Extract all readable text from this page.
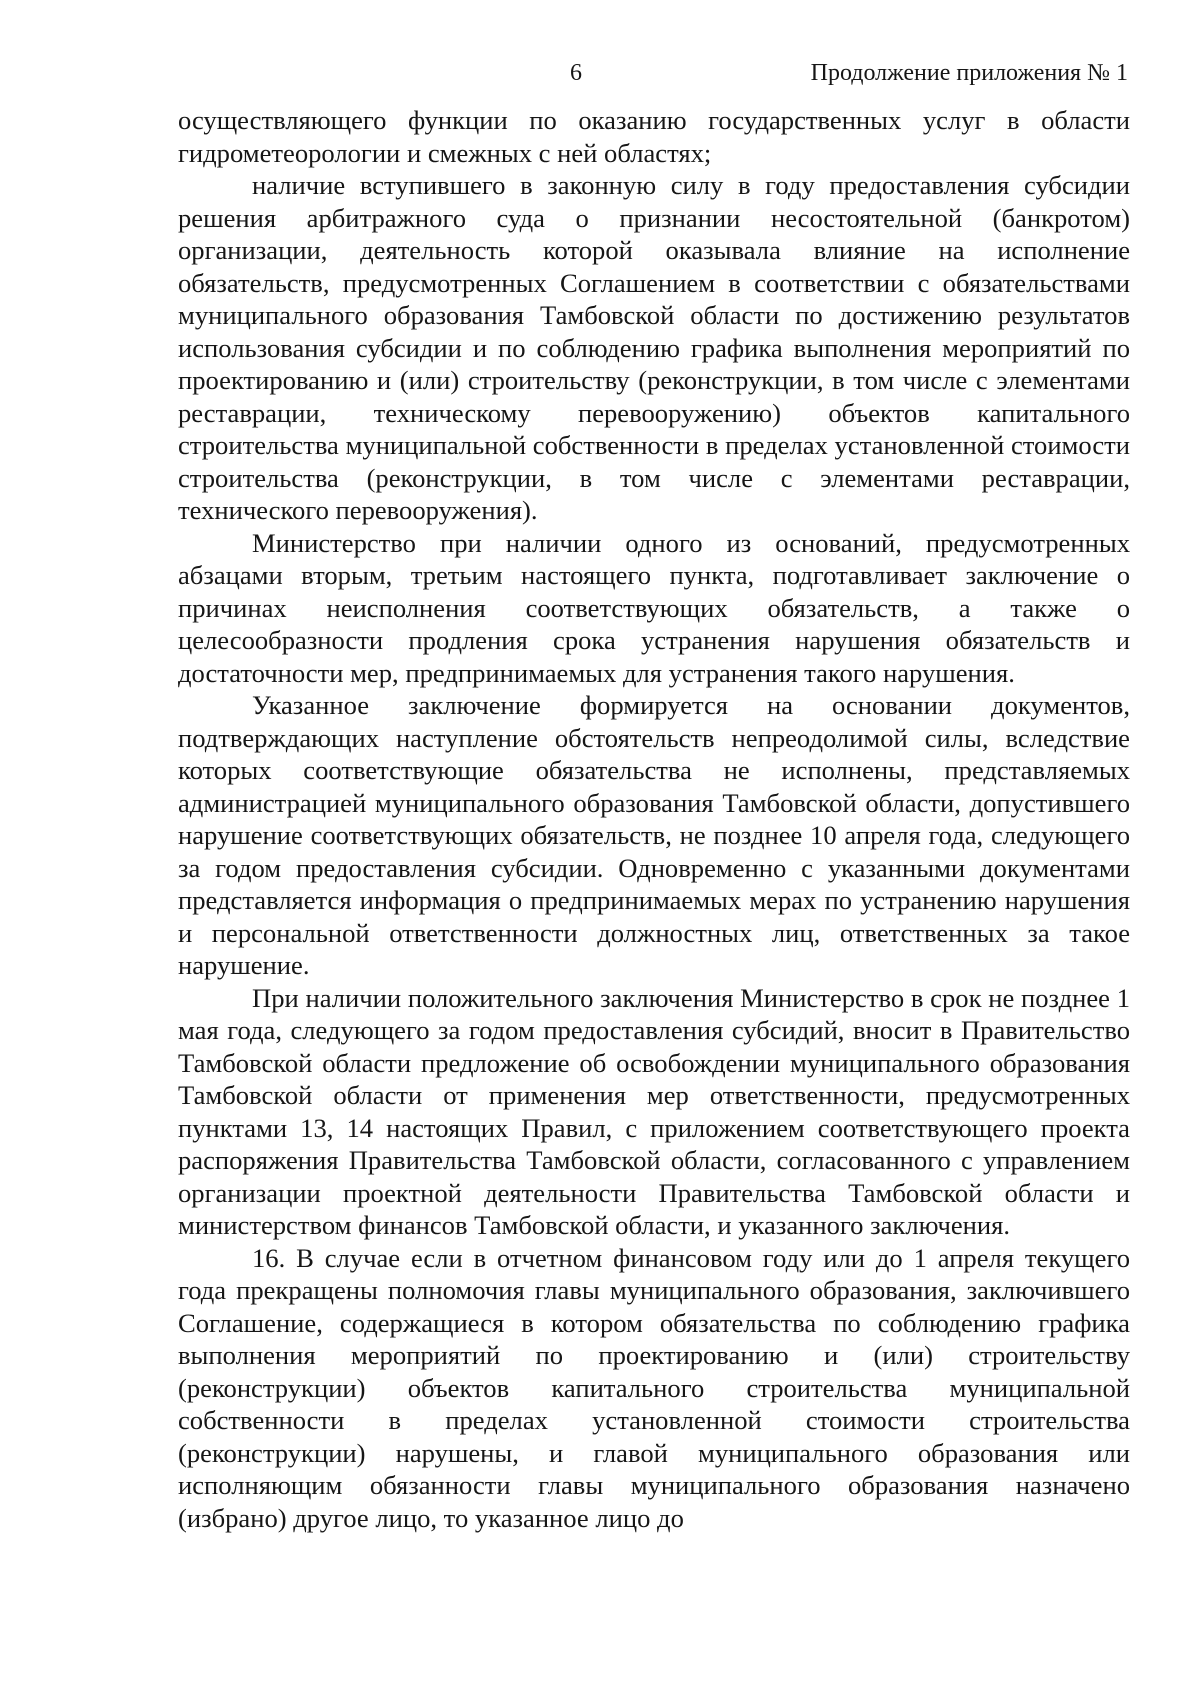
6	Продолжение приложения № 1

осуществляющего функции по оказанию государственных услуг в области гидрометеорологии и смежных с ней областях;

наличие вступившего в законную силу в году предоставления субсидии решения арбитражного суда о признании несостоятельной (банкротом) организации, деятельность которой оказывала влияние на исполнение обязательств, предусмотренных Соглашением в соответствии с обязательствами муниципального образования Тамбовской области по достижению результатов использования субсидии и по соблюдению графика выполнения мероприятий по проектированию и (или) строительству (реконструкции, в том числе с элементами реставрации, техническому перевооружению) объектов капитального строительства муниципальной собственности в пределах установленной стоимости строительства (реконструкции, в том числе с элементами реставрации, технического перевооружения).

Министерство при наличии одного из оснований, предусмотренных абзацами вторым, третьим настоящего пункта, подготавливает заключение о причинах неисполнения соответствующих обязательств, а также о целесообразности продления срока устранения нарушения обязательств и достаточности мер, предпринимаемых для устранения такого нарушения.

Указанное заключение формируется на основании документов, подтверждающих наступление обстоятельств непреодолимой силы, вследствие которых соответствующие обязательства не исполнены, представляемых администрацией муниципального образования Тамбовской области, допустившего нарушение соответствующих обязательств, не позднее 10 апреля года, следующего за годом предоставления субсидии. Одновременно с указанными документами представляется информация о предпринимаемых мерах по устранению нарушения и персональной ответственности должностных лиц, ответственных за такое нарушение.

При наличии положительного заключения Министерство в срок не позднее 1 мая года, следующего за годом предоставления субсидий, вносит в Правительство Тамбовской области предложение об освобождении муниципального образования Тамбовской области от применения мер ответственности, предусмотренных пунктами 13, 14 настоящих Правил, с приложением соответствующего проекта распоряжения Правительства Тамбовской области, согласованного с управлением организации проектной деятельности Правительства Тамбовской области и министерством финансов Тамбовской области, и указанного заключения.

16. В случае если в отчетном финансовом году или до 1 апреля текущего года прекращены полномочия главы муниципального образования, заключившего Соглашение, содержащиеся в котором обязательства по соблюдению графика выполнения мероприятий по проектированию и (или) строительству (реконструкции) объектов капитального строительства муниципальной собственности в пределах установленной стоимости строительства (реконструкции) нарушены, и главой муниципального образования или исполняющим обязанности главы муниципального образования назначено (избрано) другое лицо, то указанное лицо до
